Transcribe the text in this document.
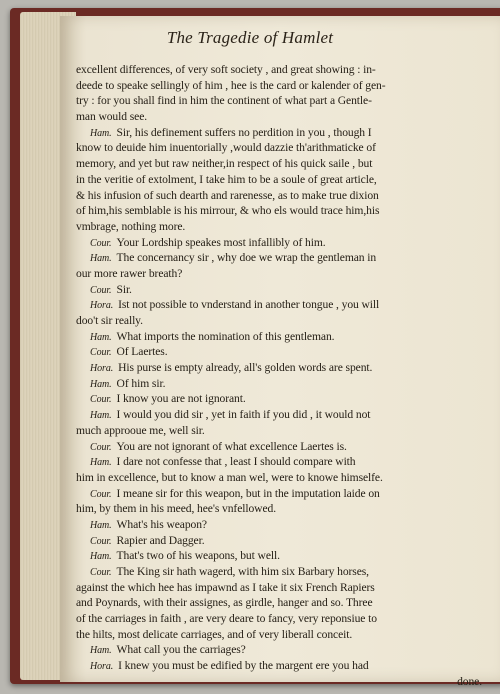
The Tragedie of Hamlet
excellent differences, of very soft society , and great showing : in-
deede to speake sellingly of him , hee is the card or kalender of gen-
try : for you shall find in him the continent of what part a Gentle-
man would see.
Ham. Sir, his definement suffers no perdition in you , though I
know to deuide him inuentorially ,would dazzie th'arithmaticke of
memory, and yet but raw neither,in respect of his quick saile , but
in the veritie of extolment, I take him to be a soule of great article,
& his infusion of such dearth and rarenesse, as to make true dixion
of him,his semblable is his mirrour, & who els would trace him,his
vmbrage, nothing more.
Cour. Your Lordship speakes most infallibly of him.
Ham. The concernancy sir , why doe we wrap the gentleman in
our more rawer breath?
Cour. Sir.
Hora. Ist not possible to vnderstand in another tongue , you will
doo't sir really.
Ham. What imports the nomination of this gentleman.
Cour. Of Laertes.
Hora. His purse is empty already, all's golden words are spent.
Ham. Of him sir.
Cour. I know you are not ignorant.
Ham. I would you did sir , yet in faith if you did , it would not
much approoue me, well sir.
Cour. You are not ignorant of what excellence Laertes is.
Ham. I dare not confesse that , least I should compare with
him in excellence, but to know a man wel, were to knowe himselfe.
Cour. I meane sir for this weapon, but in the imputation laide on
him, by them in his meed, hee's vnfellowed.
Ham. What's his weapon?
Cour. Rapier and Dagger.
Ham. That's two of his weapons, but well.
Cour. The King sir hath wagerd, with him six Barbary horses,
against the which hee has impawnd as I take it six French Rapiers
and Poynards, with their assignes, as girdle, hanger and so. Three
of the carriages in faith , are very deare to fancy, very reponsiue to
the hilts, most delicate carriages, and of very liberall conceit.
Ham. What call you the carriages?
Hora. I knew you must be edified by the margent ere you had
done.
